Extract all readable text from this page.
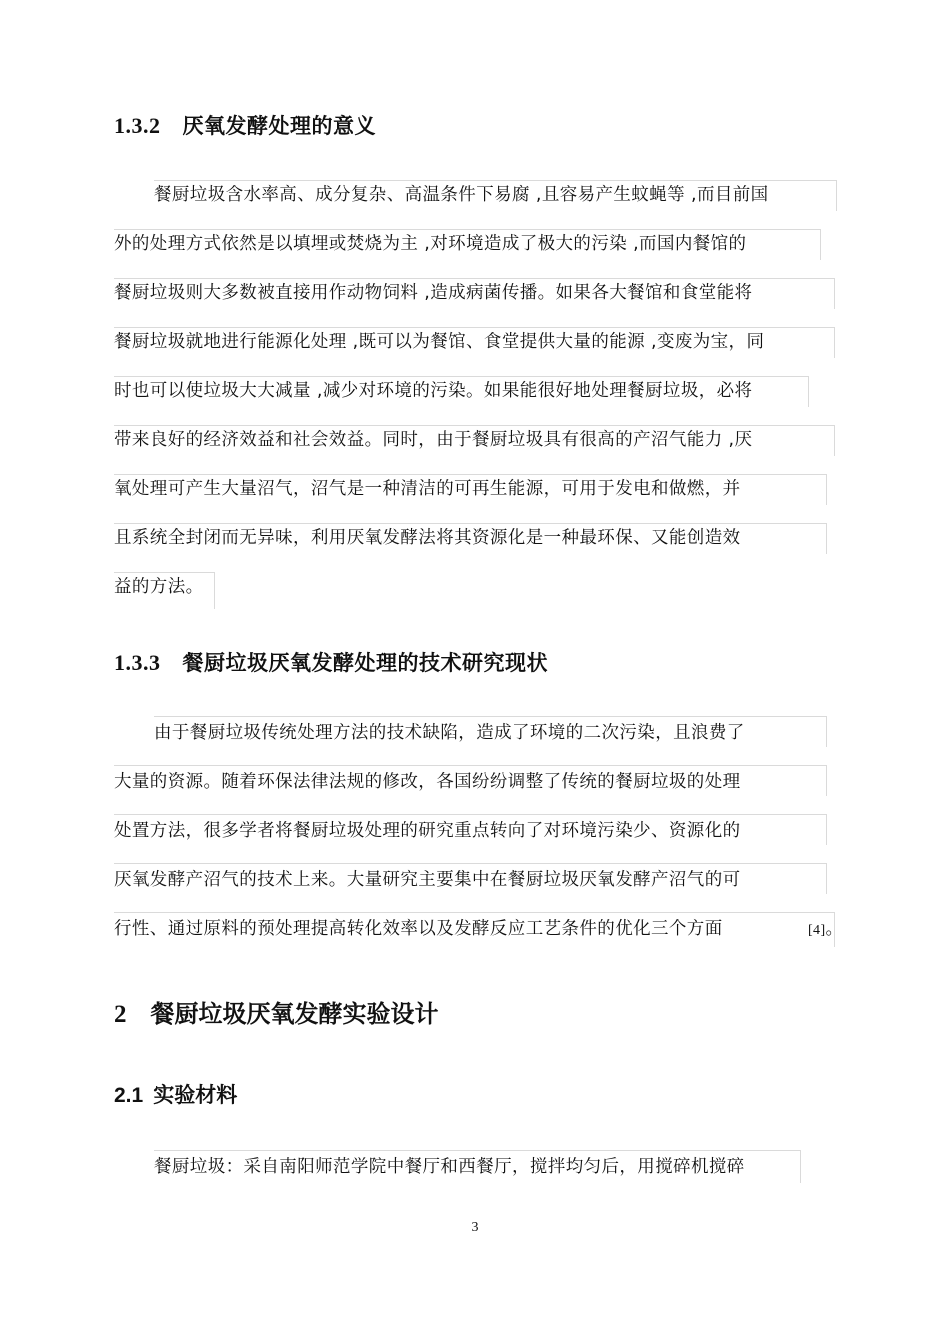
1.3.2 厌氧发酵处理的意义
餐厨垃圾含水率高、成分复杂、高温条件下易腐 ,且容易产生蚊蝇等 ,而目前国
外的处理方式依然是以填埋或焚烧为主 ,对环境造成了极大的污染 ,而国内餐馆的
餐厨垃圾则大多数被直接用作动物饲料 ,造成病菌传播。如果各大餐馆和食堂能将
餐厨垃圾就地进行能源化处理 ,既可以为餐馆、食堂提供大量的能源 ,变废为宝，同
时也可以使垃圾大大减量 ,减少对环境的污染。如果能很好地处理餐厨垃圾，必将
带来良好的经济效益和社会效益。同时，由于餐厨垃圾具有很高的产沼气能力 ,厌
氧处理可产生大量沼气，沼气是一种清洁的可再生能源，可用于发电和做燃，并
且系统全封闭而无异味，利用厌氧发酵法将其资源化是一种最环保、又能创造效
益的方法。
1.3.3 餐厨垃圾厌氧发酵处理的技术研究现状
由于餐厨垃圾传统处理方法的技术缺陷，造成了环境的二次污染，且浪费了
大量的资源。随着环保法律法规的修改，各国纷纷调整了传统的餐厨垃圾的处理
处置方法，很多学者将餐厨垃圾处理的研究重点转向了对环境污染少、资源化的
厌氧发酵产沼气的技术上来。大量研究主要集中在餐厨垃圾厌氧发酵产沼气的可
行性、通过原料的预处理提高转化效率以及发酵反应工艺条件的优化三个方面	[4]。
2 餐厨垃圾厌氧发酵实验设计
2.1 实验材料
餐厨垃圾：采自南阳师范学院中餐厅和西餐厅，搅拌均匀后，用搅碎机搅碎
3
